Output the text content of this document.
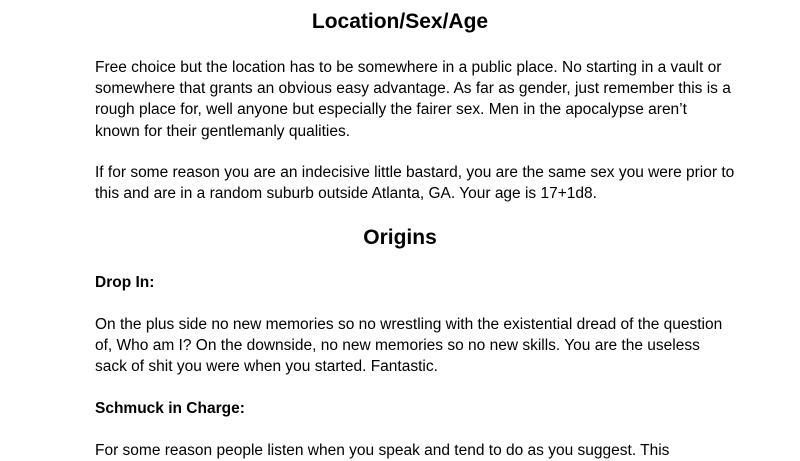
Location/Sex/Age

Free choice but the location has to be somewhere in a public place. No starting in a vault or somewhere that grants an obvious easy advantage. As far as gender, just remember this is a rough place for, well anyone but especially the fairer sex. Men in the apocalypse aren’t known for their gentlemanly qualities.

If for some reason you are an indecisive little bastard, you are the same sex you were prior to this and are in a random suburb outside Atlanta, GA. Your age is 17+1d8.

Origins

Drop In:

On the plus side no new memories so no wrestling with the existential dread of the question of, Who am I? On the downside, no new memories so no new skills. You are the useless sack of shit you were when you started. Fantastic.

Schmuck in Charge:

For some reason people listen when you speak and tend to do as you suggest. This
